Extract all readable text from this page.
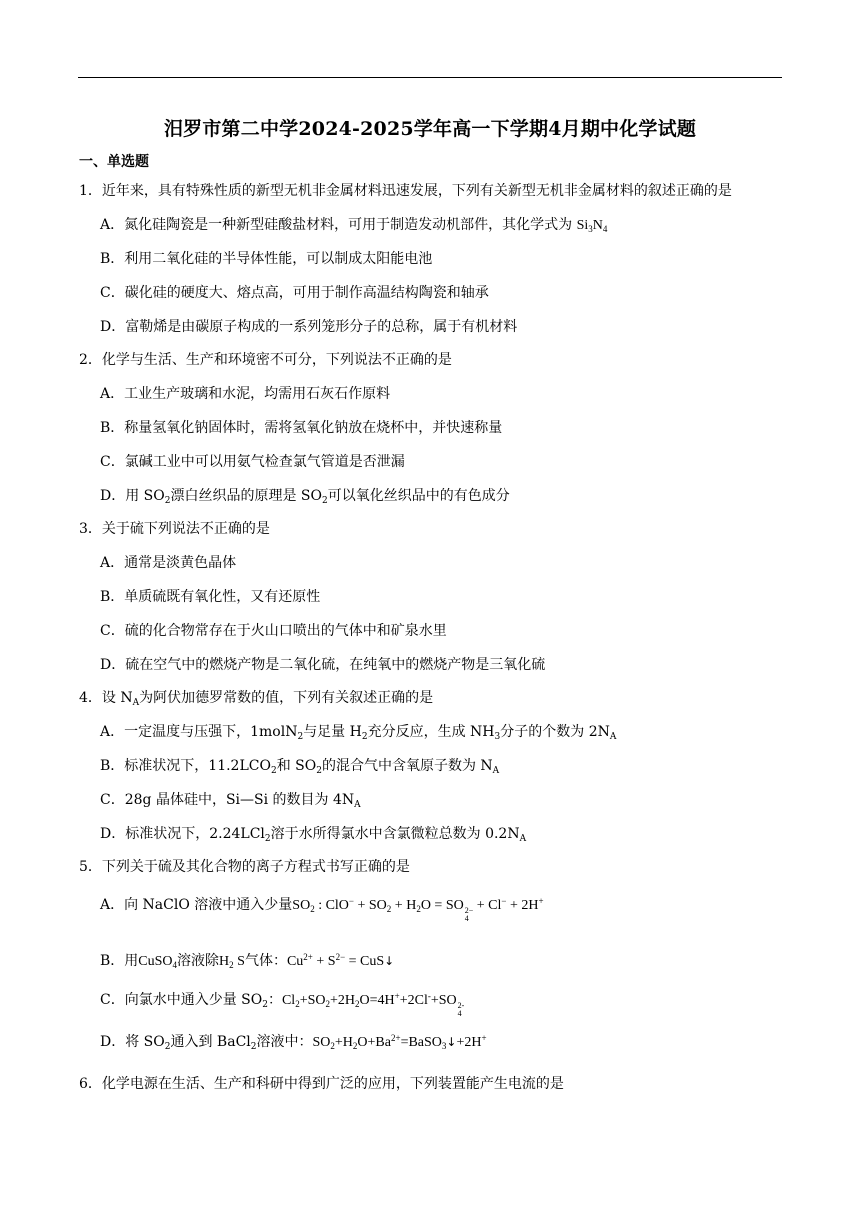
汨罗市第二中学2024-2025学年高一下学期4月期中化学试题
一、单选题
1．近年来，具有特殊性质的新型无机非金属材料迅速发展，下列有关新型无机非金属材料的叙述正确的是
A．氮化硅陶瓷是一种新型硅酸盐材料，可用于制造发动机部件，其化学式为 $Si_3N_4$
B．利用二氧化硅的半导体性能，可以制成太阳能电池
C．碳化硅的硬度大、熔点高，可用于制作高温结构陶瓷和轴承
D．富勒烯是由碳原子构成的一系列笼形分子的总称，属于有机材料
2．化学与生活、生产和环境密不可分，下列说法不正确的是
A．工业生产玻璃和水泥，均需用石灰石作原料
B．称量氢氧化钠固体时，需将氢氧化钠放在烧杯中，并快速称量
C．氯碱工业中可以用氨气检查氯气管道是否泄漏
D．用 $SO_2$漂白丝织品的原理是 $SO_2$可以氧化丝织品中的有色成分
3．关于硫下列说法不正确的是
A．通常是淡黄色晶体
B．单质硫既有氧化性，又有还原性
C．硫的化合物常存在于火山口喷出的气体中和矿泉水里
D．硫在空气中的燃烧产物是二氧化硫，在纯氧中的燃烧产物是三氧化硫
4．设 $N_A$为阿伏加德罗常数的值，下列有关叙述正确的是
A．一定温度与压强下，1molN$_2$与足量 $H_2$充分反应，生成 $NH_3$分子的个数为 $2N_A$
B．标准状况下，$11.2LCO_2$和 $SO_2$的混合气中含氧原子数为 $N_A$
C．28g 晶体硅中，Si—Si 的数目为 $4N_A$
D．标准状况下，2.24LCl$_2$溶于水所得氯水中含氯微粒总数为 $0.2N_A$
5．下列关于硫及其化合物的离子方程式书写正确的是
A．向 NaClO 溶液中通入少量$SO_2$ : $ClO^- + SO_2 + H_2O$ = SO 2−
4
+ Cl− + 2H+
B．用CuSO$_4$溶液除$H_2$ S气体：$Cu^{2+} + S^{2-}$ = CuS↓
C．向氯水中通入少量 $SO_2$：$Cl_2+SO_2+2H_2O=4H^++2Cl^-+SO$ 2-
4
D．将 $SO_2$通入到 BaCl$_2$溶液中：$SO_2+H_2O+Ba^{2+}=BaSO_3↓+2H^+$
6．化学电源在生活、生产和科研中得到广泛的应用，下列装置能产生电流的是
